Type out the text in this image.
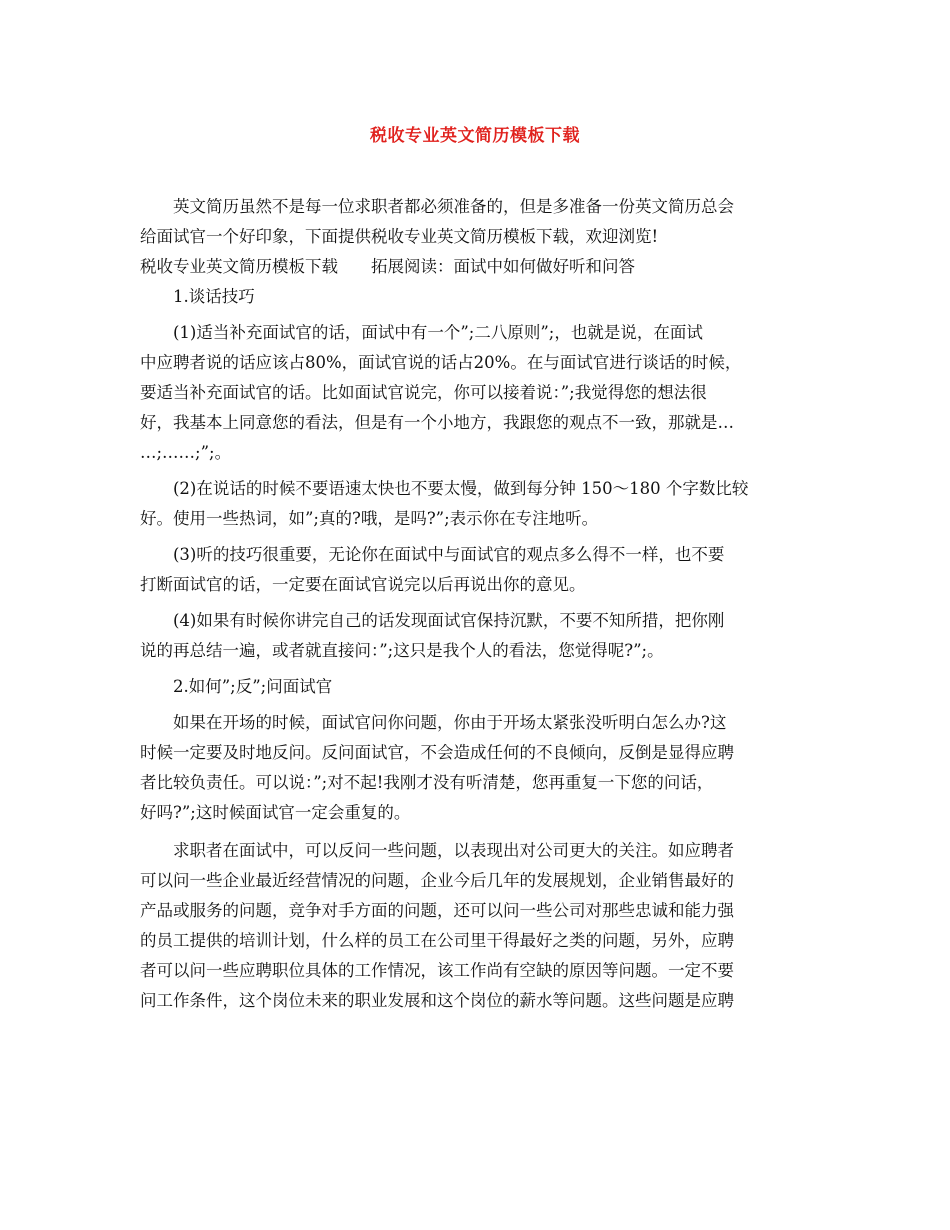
税收专业英文简历模板下载
　　英文简历虽然不是每一位求职者都必须准备的，但是多准备一份英文简历总会
给面试官一个好印象，下面提供税收专业英文简历模板下载，欢迎浏览!
税收专业英文简历模板下载　　拓展阅读：面试中如何做好听和问答
　　1.谈话技巧
　　(1)适当补充面试官的话，面试中有一个”;二八原则”;，也就是说，在面试
中应聘者说的话应该占80%，面试官说的话占20%。在与面试官进行谈话的时候，
要适当补充面试官的话。比如面试官说完，你可以接着说：”;我觉得您的想法很
好，我基本上同意您的看法，但是有一个小地方，我跟您的观点不一致，那就是…
…;……;”;。
　　(2)在说话的时候不要语速太快也不要太慢，做到每分钟 150～180 个字数比较
好。使用一些热词，如”;真的?哦，是吗?”;表示你在专注地听。
　　(3)听的技巧很重要，无论你在面试中与面试官的观点多么得不一样，也不要
打断面试官的话，一定要在面试官说完以后再说出你的意见。
　　(4)如果有时候你讲完自己的话发现面试官保持沉默，不要不知所措，把你刚
说的再总结一遍，或者就直接问：”;这只是我个人的看法，您觉得呢?”;。
　　2.如何”;反”;问面试官
　　如果在开场的时候，面试官问你问题，你由于开场太紧张没听明白怎么办?这
时候一定要及时地反问。反问面试官，不会造成任何的不良倾向，反倒是显得应聘
者比较负责任。可以说：”;对不起!我刚才没有听清楚，您再重复一下您的问话，
好吗?”;这时候面试官一定会重复的。
　　求职者在面试中，可以反问一些问题，以表现出对公司更大的关注。如应聘者
可以问一些企业最近经营情况的问题，企业今后几年的发展规划，企业销售最好的
产品或服务的问题，竞争对手方面的问题，还可以问一些公司对那些忠诚和能力强
的员工提供的培训计划，什么样的员工在公司里干得最好之类的问题，另外，应聘
者可以问一些应聘职位具体的工作情况，该工作尚有空缺的原因等问题。一定不要
问工作条件，这个岗位未来的职业发展和这个岗位的薪水等问题。这些问题是应聘
